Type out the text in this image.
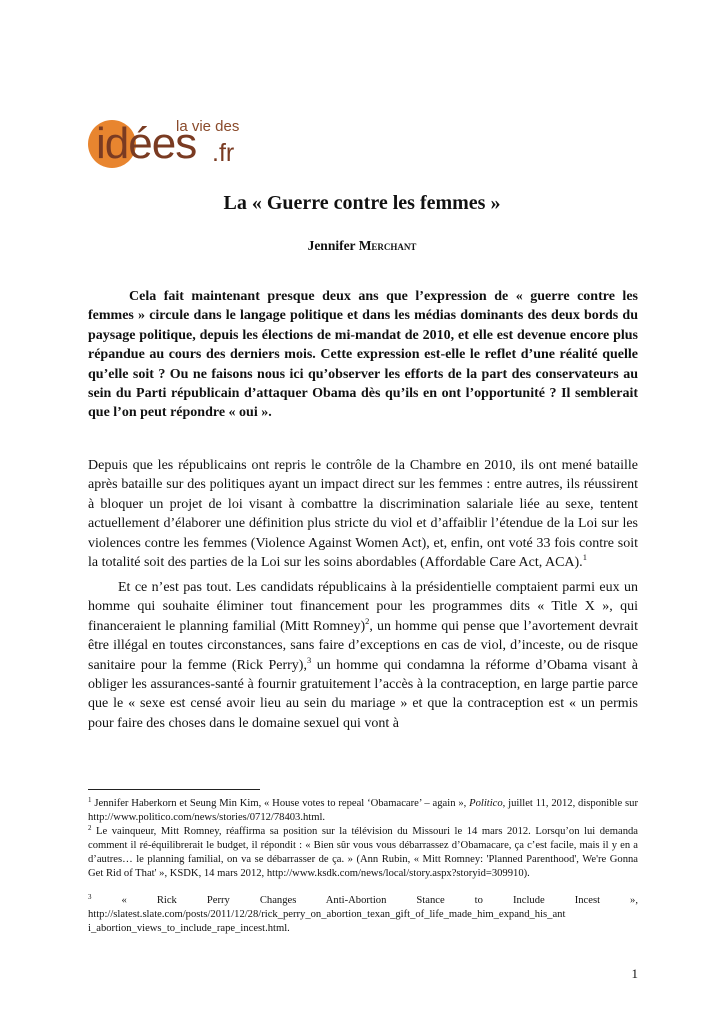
la vie des
idées .fr
La « Guerre contre les femmes »
Jennifer Merchant

Cela fait maintenant presque deux ans que l’expression de « guerre contre les femmes » circule dans le langage politique et dans les médias dominants des deux bords du paysage politique, depuis les élections de mi-mandat de 2010, et elle est devenue encore plus répandue au cours des derniers mois. Cette expression est-elle le reflet d’une réalité quelle qu’elle soit ? Ou ne faisons nous ici qu’observer les efforts de la part des conservateurs au sein du Parti républicain d’attaquer Obama dès qu’ils en ont l’opportunité ? Il semblerait que l’on peut répondre « oui ».

Depuis que les républicains ont repris le contrôle de la Chambre en 2010, ils ont mené bataille après bataille sur des politiques ayant un impact direct sur les femmes : entre autres, ils réussirent à bloquer un projet de loi visant à combattre la discrimination salariale liée au sexe, tentent actuellement d’élaborer une définition plus stricte du viol et d’affaiblir l’étendue de la Loi sur les violences contre les femmes (Violence Against Women Act), et, enfin, ont voté 33 fois contre soit la totalité soit des parties de la Loi sur les soins abordables (Affordable Care Act, ACA).$^1$

Et ce n’est pas tout. Les candidats républicains à la présidentielle comptaient parmi eux un homme qui souhaite éliminer tout financement pour les programmes dits « Title X », qui financeraient le planning familial (Mitt Romney)$^2$, un homme qui pense que l’avortement devrait être illégal en toutes circonstances, sans faire d’exceptions en cas de viol, d’inceste, ou de risque sanitaire pour la femme (Rick Perry),$^3$ un homme qui condamna la réforme d’Obama visant à obliger les assurances-santé à fournir gratuitement l’accès à la contraception, en large partie parce que le « sexe est censé avoir lieu au sein du mariage » et que la contraception est « un permis pour faire des choses dans le domaine sexuel qui vont à

$^1$ Jennifer Haberkorn et Seung Min Kim, « House votes to repeal ‘Obamacare’ – again », Politico, juillet 11, 2012, disponible sur http://www.politico.com/news/stories/0712/78403.html.

$^2$ Le vainqueur, Mitt Romney, réaffirma sa position sur la télévision du Missouri le 14 mars 2012. Lorsqu’on lui demanda comment il ré-équilibrerait le budget, il répondit : « Bien sûr vous vous débarrassez d’Obamacare, ça c’est facile, mais il y en a d’autres… le planning familial, on va se débarrasser de ça. » (Ann Rubin, « Mitt Romney: 'Planned Parenthood', We're Gonna Get Rid of That' », KSDK, 14 mars 2012, http://www.ksdk.com/news/local/story.aspx?storyid=309910).

$^3$ « Rick Perry Changes Anti-Abortion Stance to Include Incest »,
http://slatest.slate.com/posts/2011/12/28/rick_perry_on_abortion_texan_gift_of_life_made_him_expand_his_ant
i_abortion_views_to_include_rape_incest.html.

1
